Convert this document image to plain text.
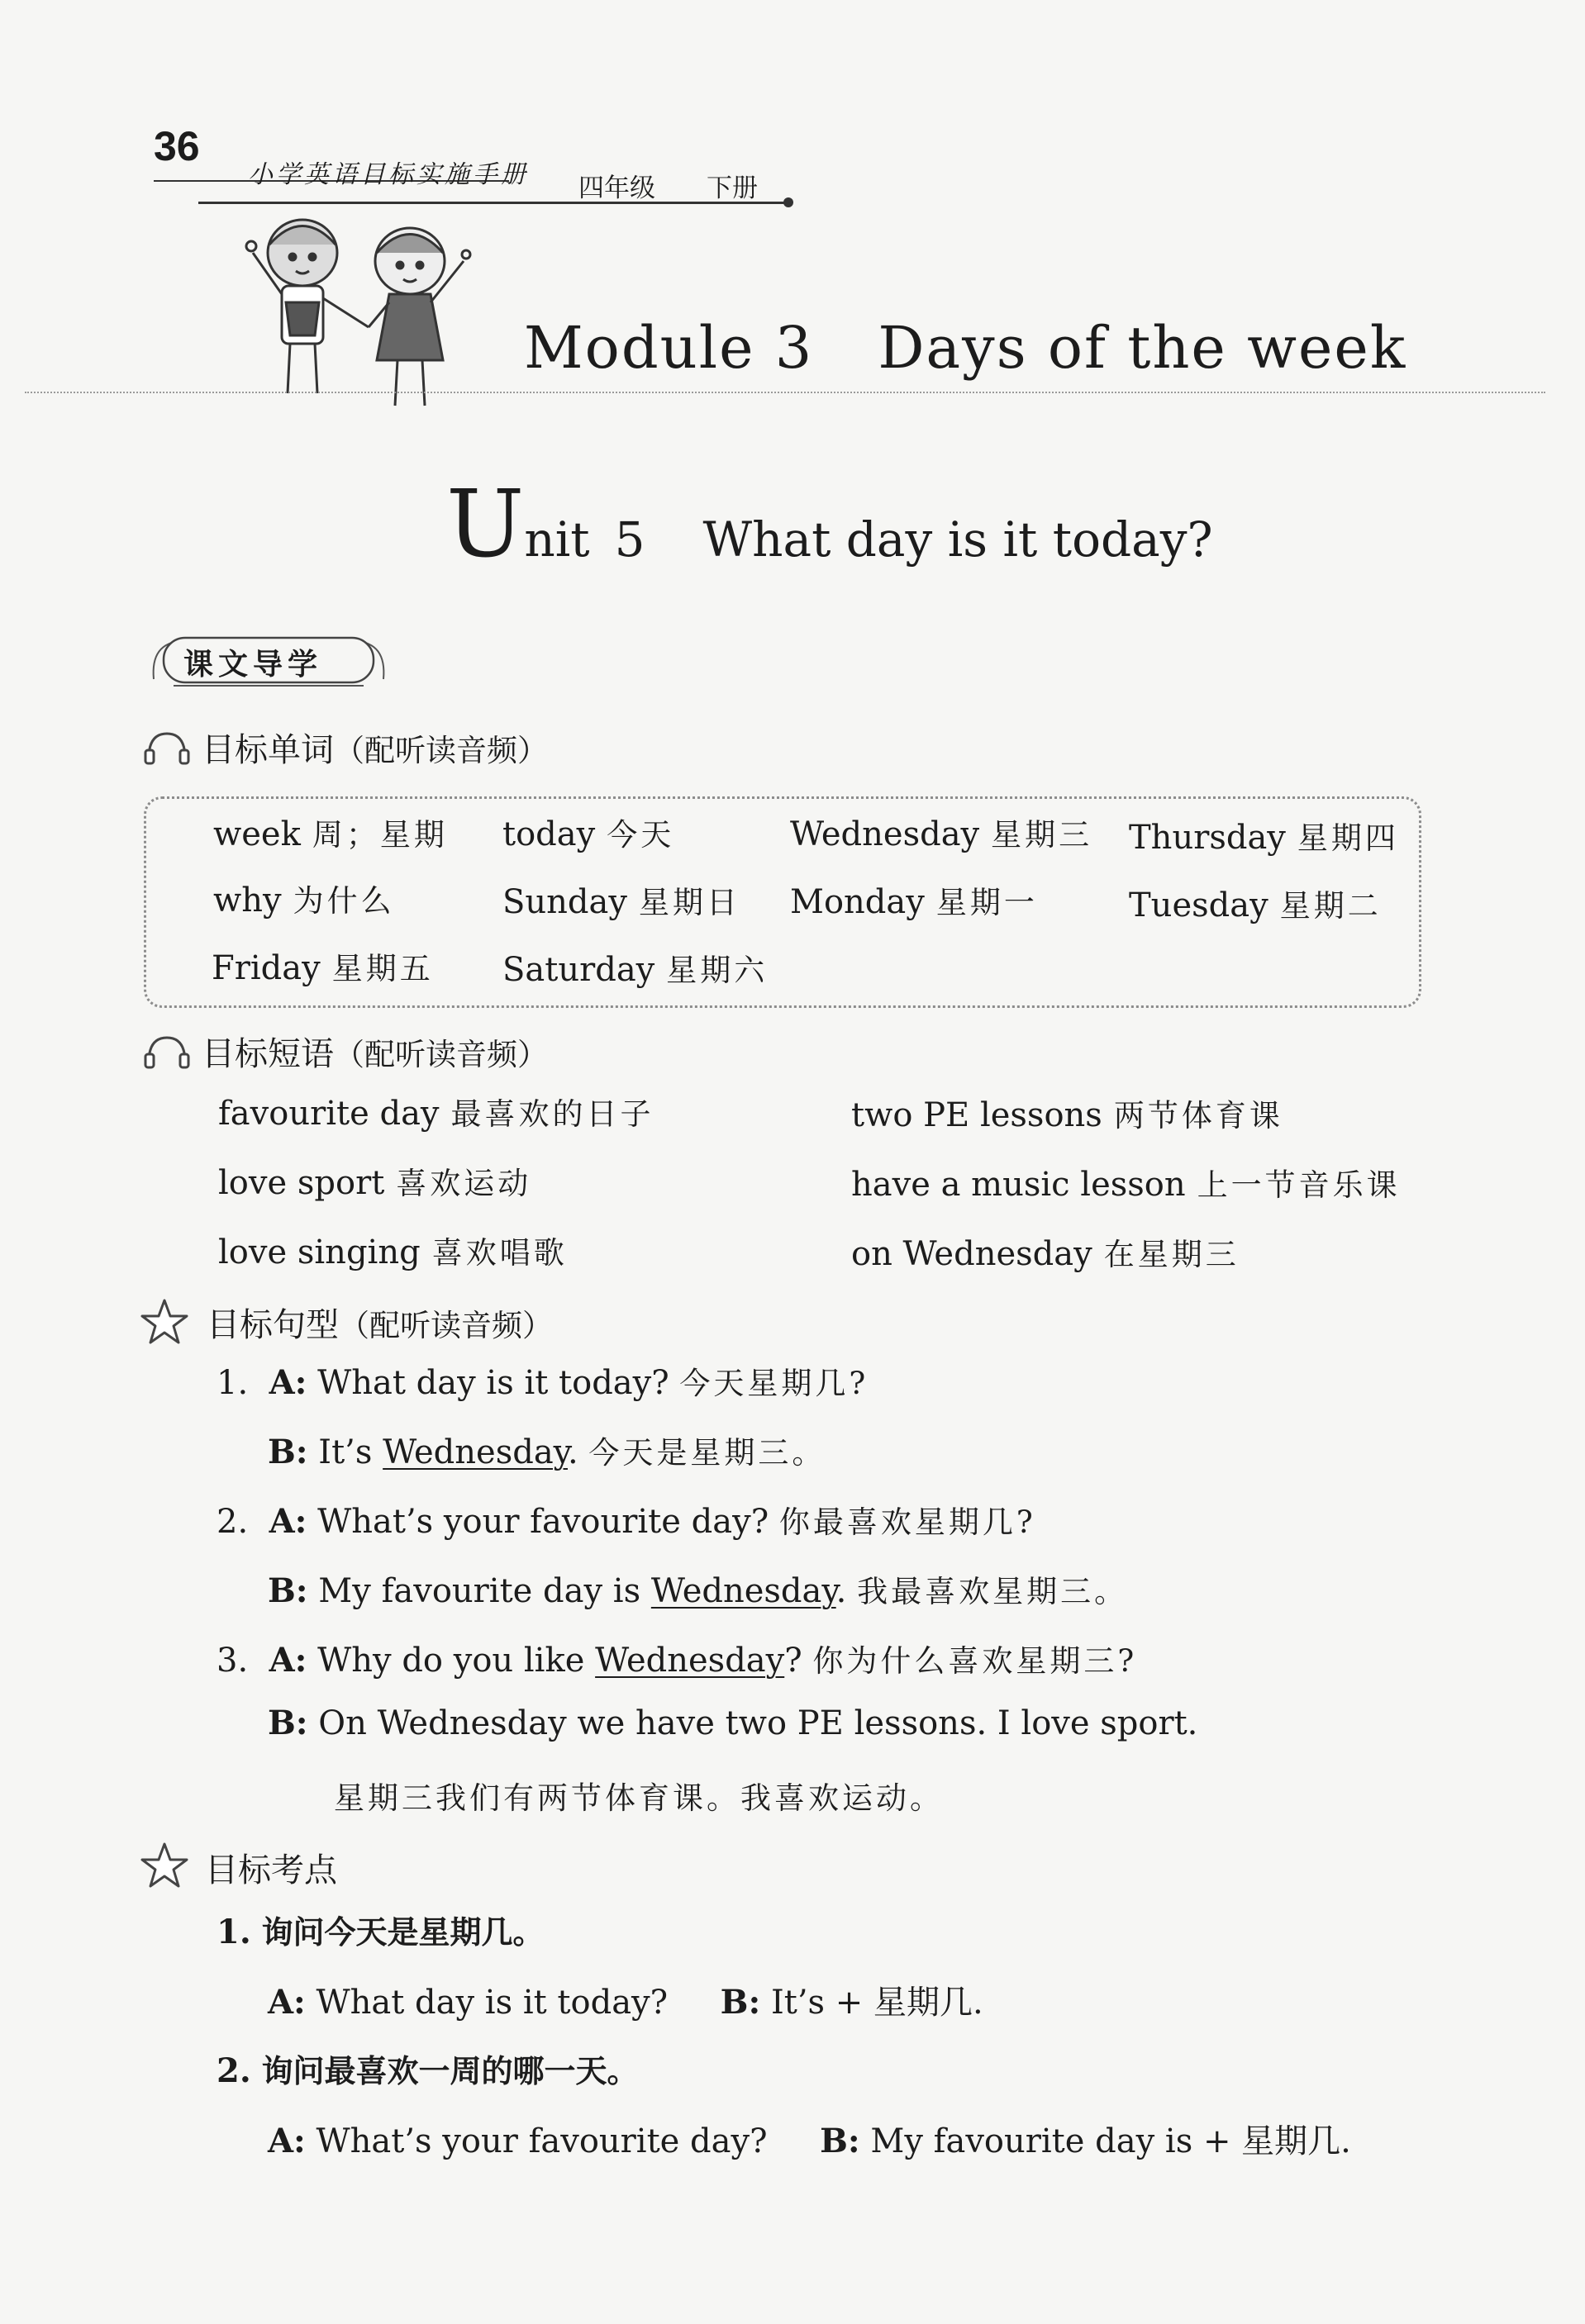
36
小学英语目标实施手册 四年级 下册
Module 3 Days of the week
Unit 5 What day is it today?
课文导学
目标单词（配听读音频）
week 周；星期 today 今天	Wednesday 星期三 Thursday 星期四
why 为什么	Sunday 星期日 Monday 星期一	Tuesday 星期二
Friday 星期五 Saturday 星期六
目标短语（配听读音频）
favourite day 最喜欢的日子	two PE lessons 两节体育课
love sport 喜欢运动	have a music lesson 上一节音乐课
love singing 喜欢唱歌	on Wednesday 在星期三
目标句型（配听读音频）
1. A: What day is it today? 今天星期几?
B: It’s Wednesday. 今天是星期三。
2. A: What’s your favourite day? 你最喜欢星期几?
B: My favourite day is Wednesday. 我最喜欢星期三。
3. A: Why do you like Wednesday? 你为什么喜欢星期三?
B: On Wednesday we have two PE lessons. I love sport.
星期三我们有两节体育课。我喜欢运动。
目标考点
1. 询问今天是星期几。
A: What day is it today? B: It’s + 星期几.
2. 询问最喜欢一周的哪一天。
A: What’s your favourite day? B: My favourite day is + 星期几.
